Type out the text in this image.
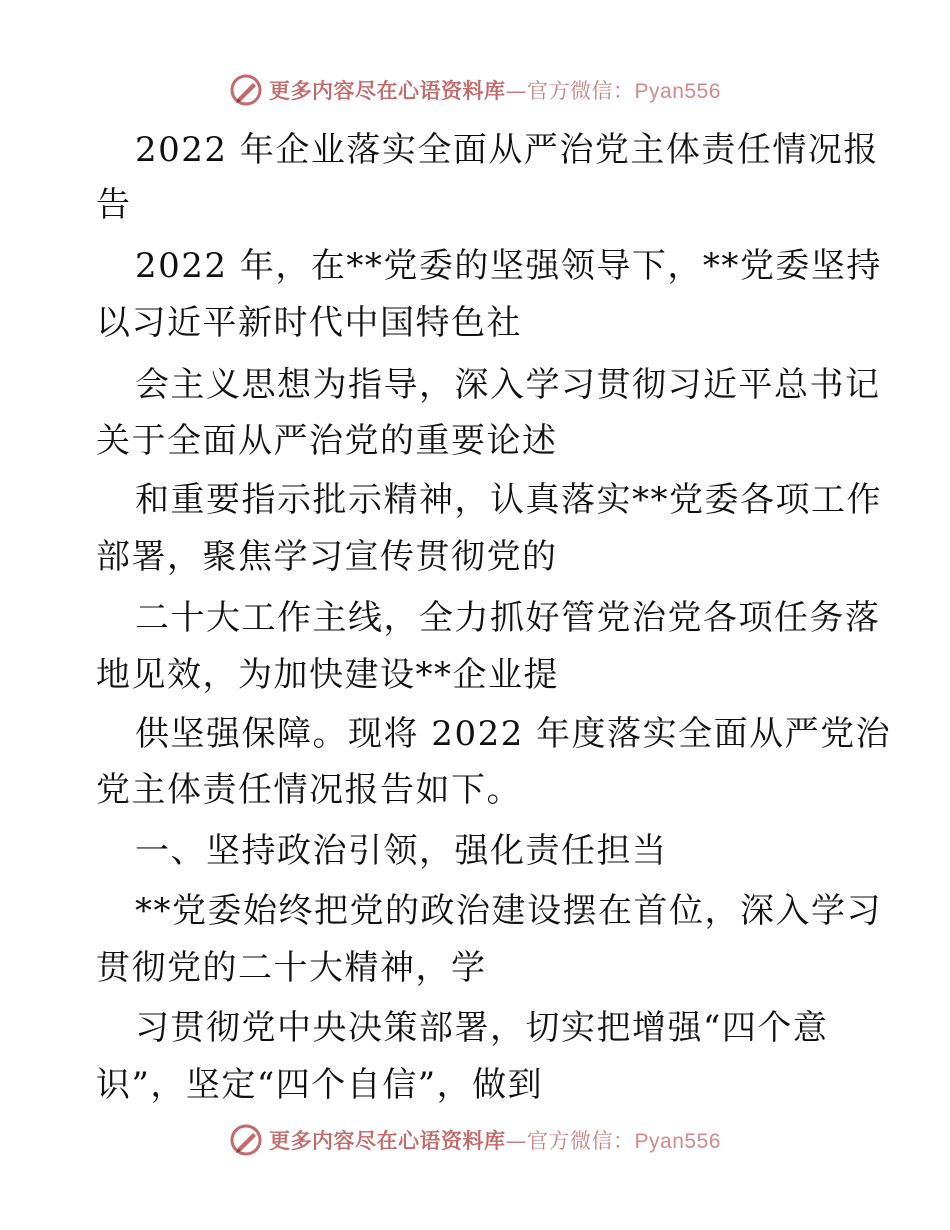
更多内容尽在心语资料库—官方微信：Pyan556
2022 年企业落实全面从严治党主体责任情况报
告
2022 年，在**党委的坚强领导下，**党委坚持
以习近平新时代中国特色社
会主义思想为指导，深入学习贯彻习近平总书记
关于全面从严治党的重要论述
和重要指示批示精神，认真落实**党委各项工作
部署，聚焦学习宣传贯彻党的
二十大工作主线，全力抓好管党治党各项任务落
地见效，为加快建设**企业提
供坚强保障。现将 2022 年度落实全面从严党治
党主体责任情况报告如下。
一、坚持政治引领，强化责任担当
**党委始终把党的政治建设摆在首位，深入学习
贯彻党的二十大精神，学
习贯彻党中央决策部署，切实把增强“四个意
识”，坚定“四个自信”，做到
更多内容尽在心语资料库—官方微信：Pyan556
